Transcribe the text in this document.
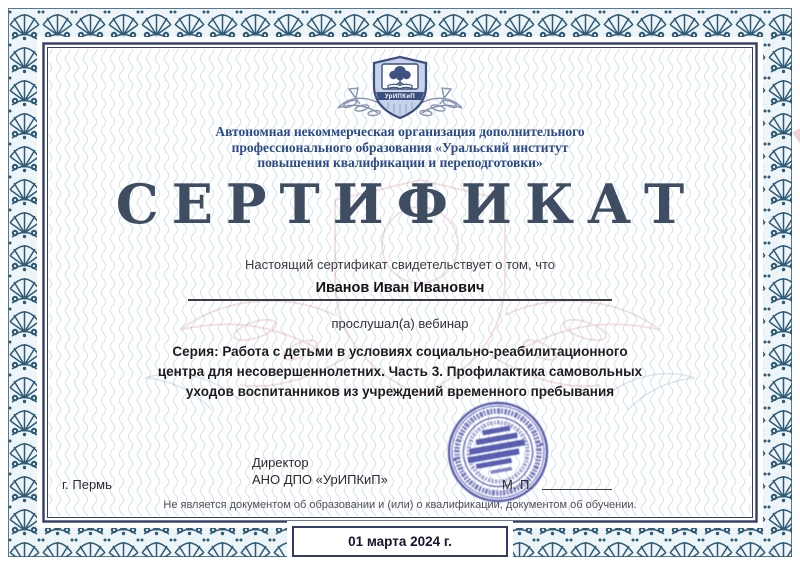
УрИПКиП
Автономная некоммерческая организация дополнительного
профессионального образования «Уральский институт
повышения квалификации и переподготовки»
СЕРТИФИКАТ
Настоящий сертификат свидетельствует о том, что
Иванов Иван Иванович
прослушал(а) вебинар
Серия: Работа с детьми в условиях социально-реабилитационного
центра для несовершеннолетних. Часть 3. Профилактика самовольных
уходов воспитанников из учреждений временного пребывания
Директор
АНО ДПО «УрИПКиП»
г. Пермь	М. П.
Не является документом об образовании и (или) о квалификации, документом об обучении.
01 марта 2024 г.
